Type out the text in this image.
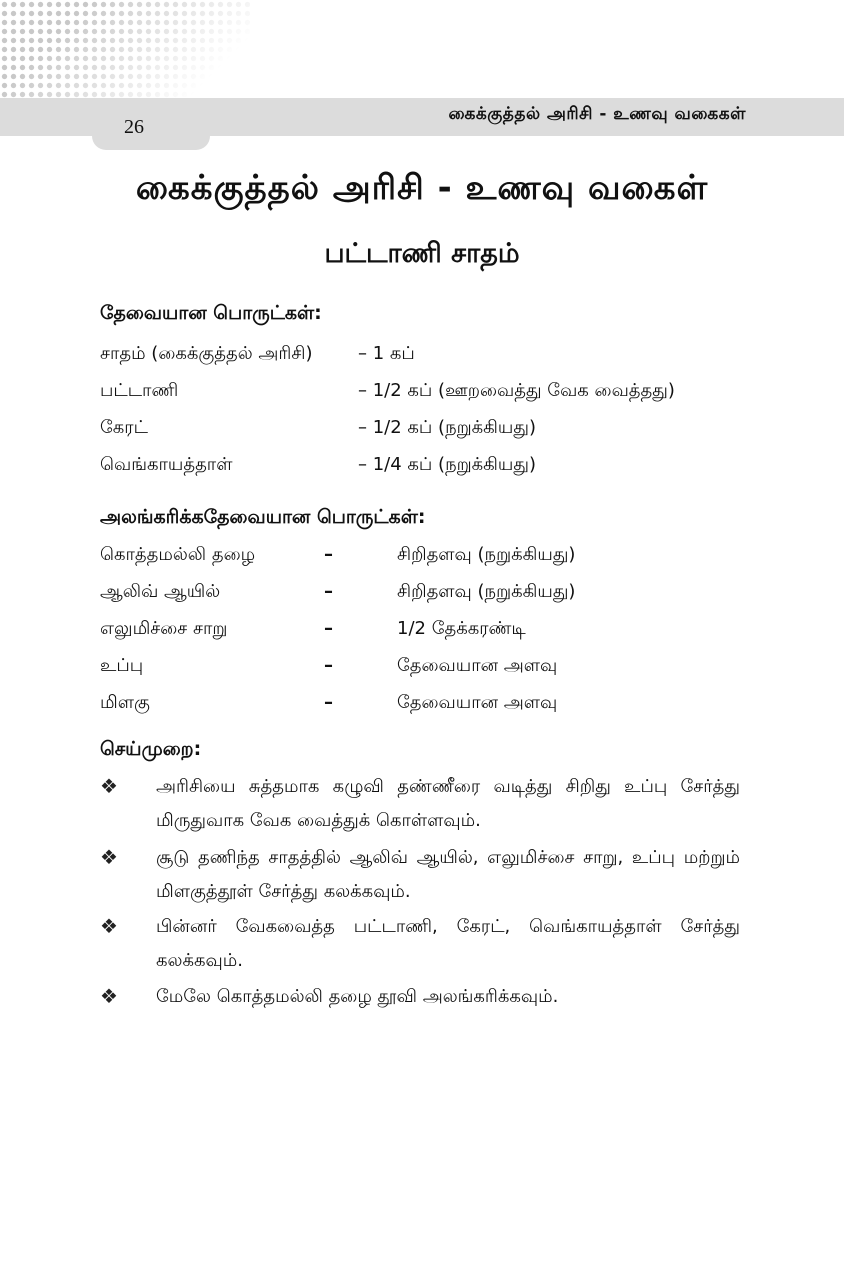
கைக்குத்தல் அரிசி - உணவு வகைகள்
26
கைக்குத்தல் அரிசி - உணவு வகைள்
பட்டாணி சாதம்
தேவையான பொருட்கள்:
சாதம் (கைக்குத்தல் அரிசி)	– 1 கப்
பட்டாணி	– 1/2 கப் (ஊறவைத்து வேக வைத்தது)
கேரட்	– 1/2 கப் (நறுக்கியது)
வெங்காயத்தாள்	– 1/4 கப் (நறுக்கியது)
அலங்கரிக்கதேவையான பொருட்கள்:
கொத்தமல்லி தழை	–	சிறிதளவு (நறுக்கியது)
ஆலிவ் ஆயில்	–	சிறிதளவு (நறுக்கியது)
எலுமிச்சை சாறு	–	1/2 தேக்கரண்டி
உப்பு	–	தேவையான அளவு
மிளகு	–	தேவையான அளவு
செய்முறை:
❖ அரிசியை சுத்தமாக கழுவி தண்ணீரை வடித்து சிறிது உப்பு சேர்த்து மிருதுவாக வேக வைத்துக் கொள்ளவும்.
❖ சூடு தணிந்த சாதத்தில் ஆலிவ் ஆயில், எலுமிச்சை சாறு, உப்பு மற்றும் மிளகுத்தூள் சேர்த்து கலக்கவும்.
❖ பின்னர் வேகவைத்த பட்டாணி, கேரட், வெங்காயத்தாள் சேர்த்து கலக்கவும்.
❖ மேலே கொத்தமல்லி தழை தூவி அலங்கரிக்கவும்.
